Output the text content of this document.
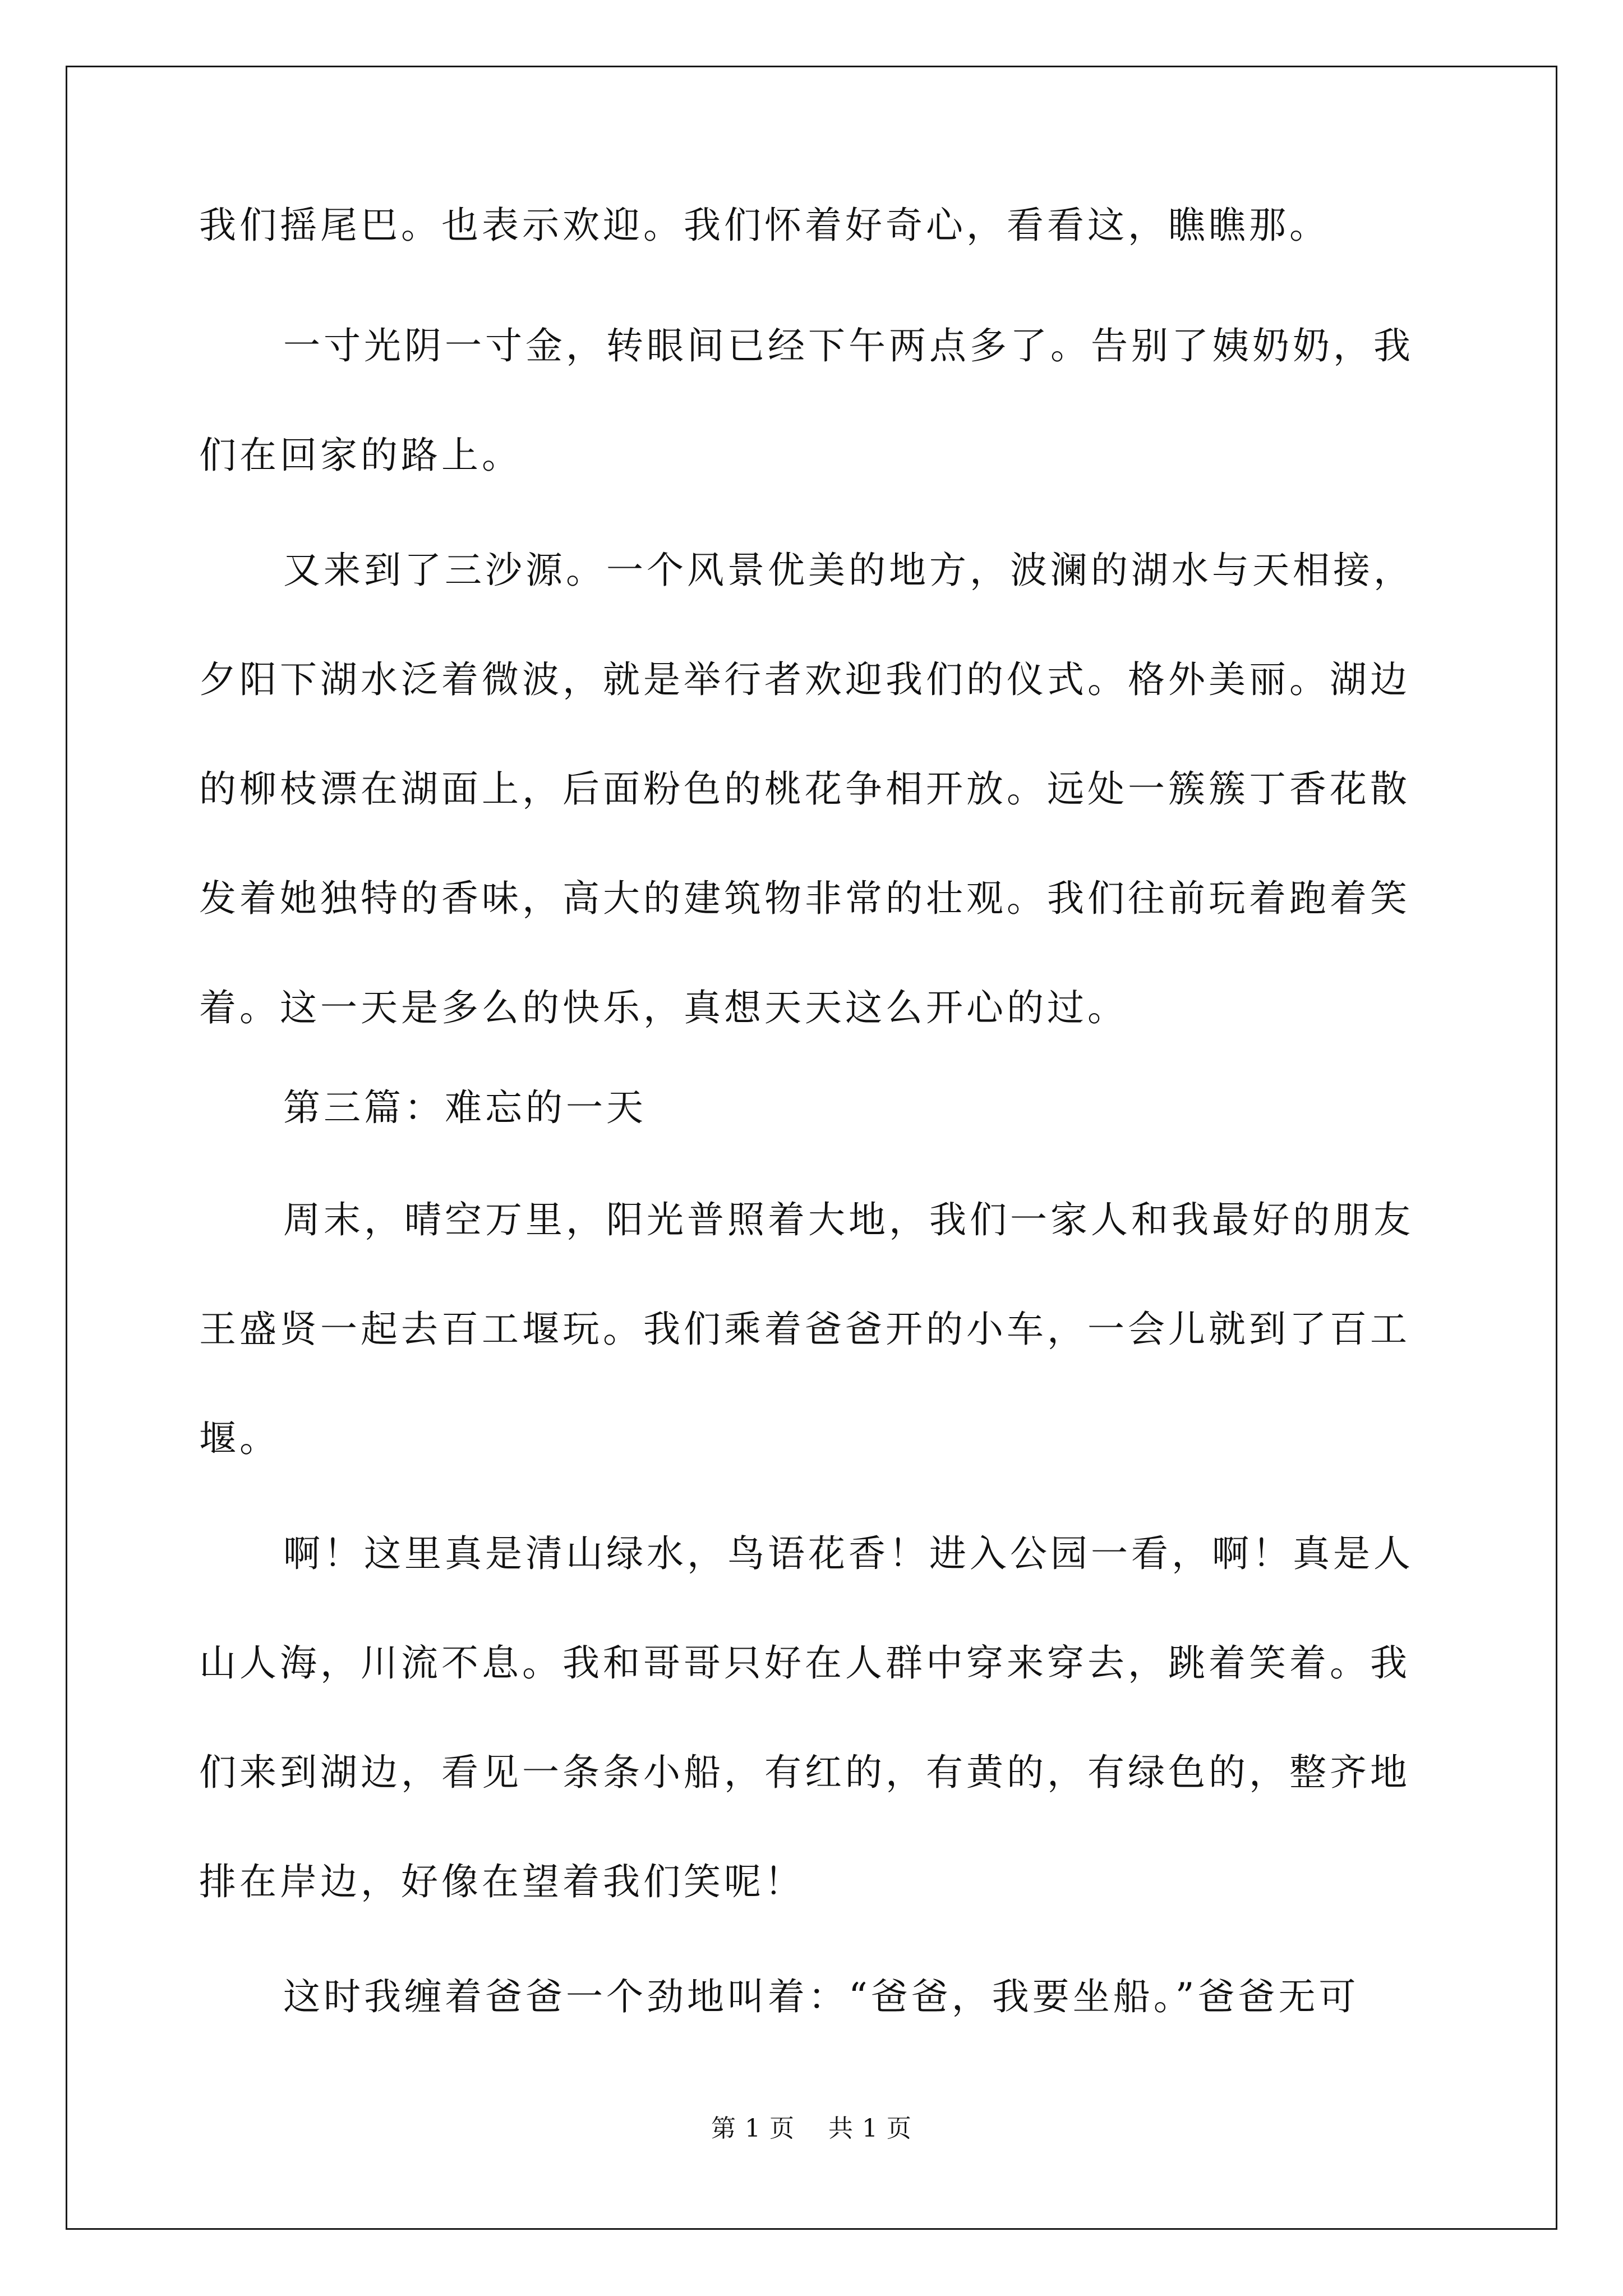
我们摇尾巴。也表示欢迎。我们怀着好奇心，看看这，瞧瞧那。

一寸光阴一寸金，转眼间已经下午两点多了。告别了姨奶奶，我

们在回家的路上。

又来到了三沙源。一个风景优美的地方，波澜的湖水与天相接，

夕阳下湖水泛着微波，就是举行者欢迎我们的仪式。格外美丽。湖边

的柳枝漂在湖面上，后面粉色的桃花争相开放。远处一簇簇丁香花散

发着她独特的香味，高大的建筑物非常的壮观。我们往前玩着跑着笑

着。这一天是多么的快乐，真想天天这么开心的过。

第三篇：难忘的一天

周末，晴空万里，阳光普照着大地，我们一家人和我最好的朋友

王盛贤一起去百工堰玩。我们乘着爸爸开的小车，一会儿就到了百工

堰。

啊！这里真是清山绿水，鸟语花香！进入公园一看，啊！真是人

山人海，川流不息。我和哥哥只好在人群中穿来穿去，跳着笑着。我

们来到湖边，看见一条条小船，有红的，有黄的，有绿色的，整齐地

排在岸边，好像在望着我们笑呢！

这时我缠着爸爸一个劲地叫着：“爸爸，我要坐船。”爸爸无可

第 1 页    共 1 页
